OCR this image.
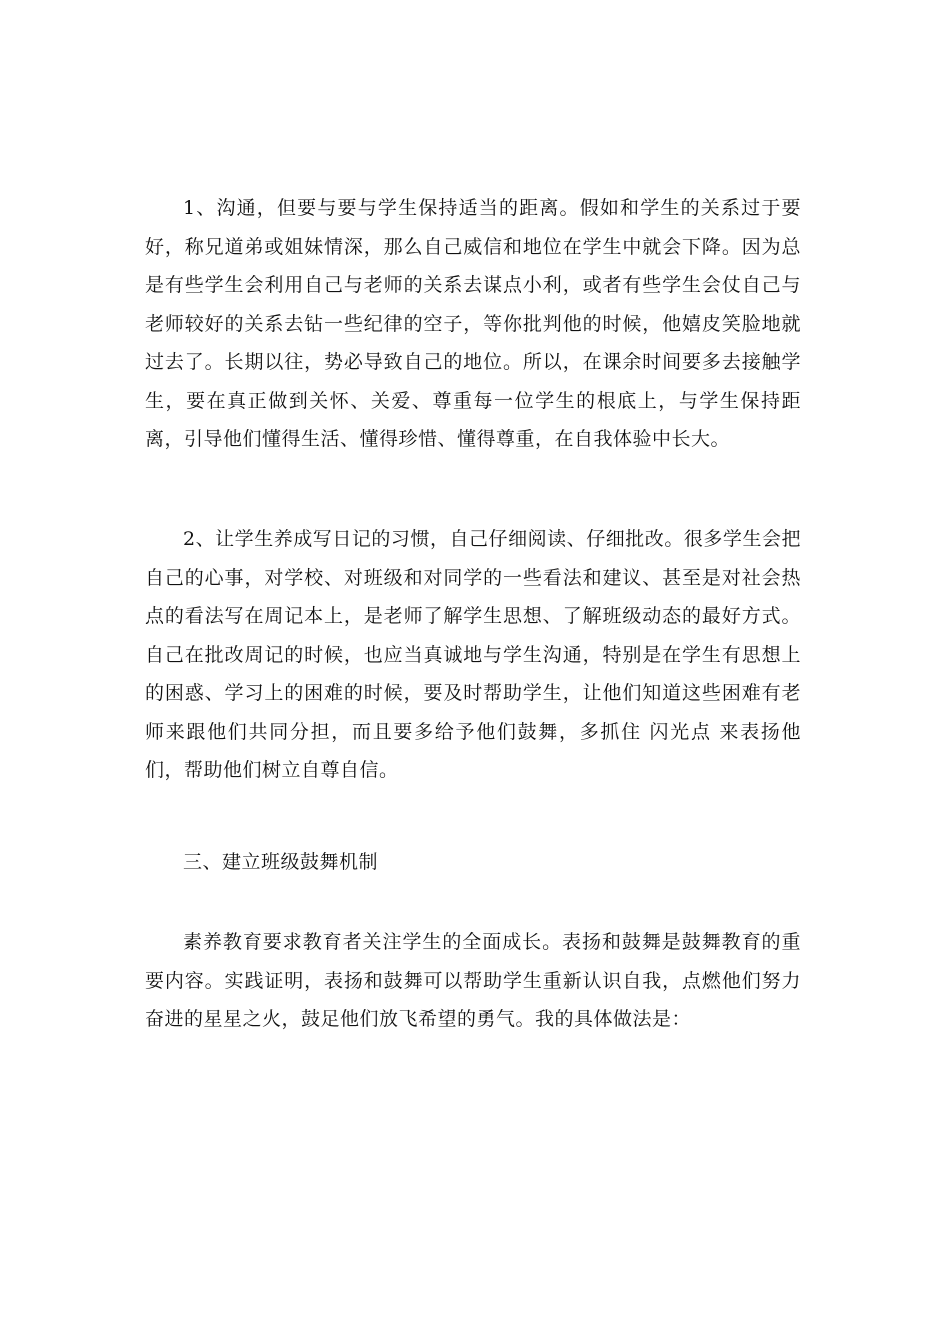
1、沟通，但要与要与学生保持适当的距离。假如和学生的关系过于要好，称兄道弟或姐妹情深，那么自己威信和地位在学生中就会下降。因为总是有些学生会利用自己与老师的关系去谋点小利，或者有些学生会仗自己与老师较好的关系去钻一些纪律的空子，等你批判他的时候，他嬉皮笑脸地就过去了。长期以往，势必导致自己的地位。所以，在课余时间要多去接触学生，要在真正做到关怀、关爱、尊重每一位学生的根底上，与学生保持距离，引导他们懂得生活、懂得珍惜、懂得尊重，在自我体验中长大。

2、让学生养成写日记的习惯，自己仔细阅读、仔细批改。很多学生会把自己的心事，对学校、对班级和对同学的一些看法和建议、甚至是对社会热点的看法写在周记本上，是老师了解学生思想、了解班级动态的最好方式。自己在批改周记的时候，也应当真诚地与学生沟通，特别是在学生有思想上的困惑、学习上的困难的时候，要及时帮助学生，让他们知道这些困难有老师来跟他们共同分担，而且要多给予他们鼓舞，多抓住 闪光点 来表扬他们，帮助他们树立自尊自信。

三、建立班级鼓舞机制

素养教育要求教育者关注学生的全面成长。表扬和鼓舞是鼓舞教育的重要内容。实践证明，表扬和鼓舞可以帮助学生重新认识自我，点燃他们努力奋进的星星之火，鼓足他们放飞希望的勇气。我的具体做法是：
